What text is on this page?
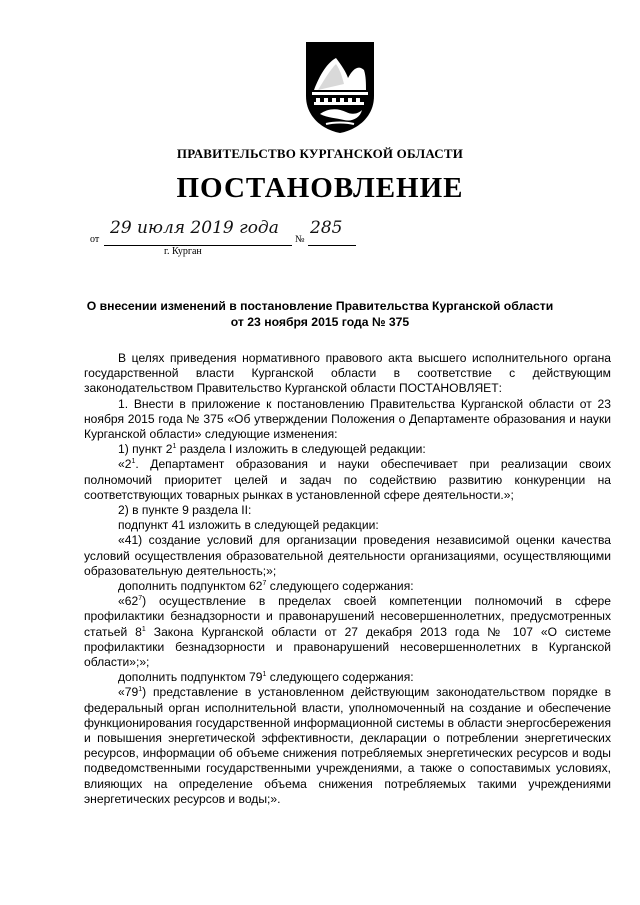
ПРАВИТЕЛЬСТВО КУРГАНСКОЙ ОБЛАСТИ
ПОСТАНОВЛЕНИЕ
от
29 июля 2019 года
№
285
г. Курган
О внесении изменений в постановление Правительства Курганской области
от 23 ноября 2015 года № 375

В целях приведения нормативного правового акта высшего исполнительного органа государственной власти Курганской области в соответствие с действующим законодательством Правительство Курганской области ПОСТАНОВЛЯЕТ:

1. Внести в приложение к постановлению Правительства Курганской области от 23 ноября 2015 года № 375 «Об утверждении Положения о Департаменте образования и науки Курганской области» следующие изменения:

1) пункт $2^1$ раздела I изложить в следующей редакции:

«$2^1$. Департамент образования и науки обеспечивает при реализации своих полномочий приоритет целей и задач по содействию развитию конкуренции на соответствующих товарных рынках в установленной сфере деятельности.»;

2) в пункте 9 раздела II:

подпункт 41 изложить в следующей редакции:

«41) создание условий для организации проведения независимой оценки качества условий осуществления образовательной деятельности организациями, осуществляющими образовательную деятельность;»;

дополнить подпунктом $62^7$ следующего содержания:

«$62^7$) осуществление в пределах своей компетенции полномочий в сфере профилактики безнадзорности и правонарушений несовершеннолетних, предусмотренных статьей $8^1$ Закона Курганской области от 27 декабря 2013 года № 107 «О системе профилактики безнадзорности и правонарушений несовершеннолетних в Курганской области»;»;

дополнить подпунктом $79^1$ следующего содержания:

«$79^1$) представление в установленном действующим законодательством порядке в федеральный орган исполнительной власти, уполномоченный на создание и обеспечение функционирования государственной информационной системы в области энергосбережения и повышения энергетической эффективности, декларации о потреблении энергетических ресурсов, информации об объеме снижения потребляемых энергетических ресурсов и воды подведомственными государственными учреждениями, а также о сопоставимых условиях, влияющих на определение объема снижения потребляемых такими учреждениями энергетических ресурсов и воды;».
